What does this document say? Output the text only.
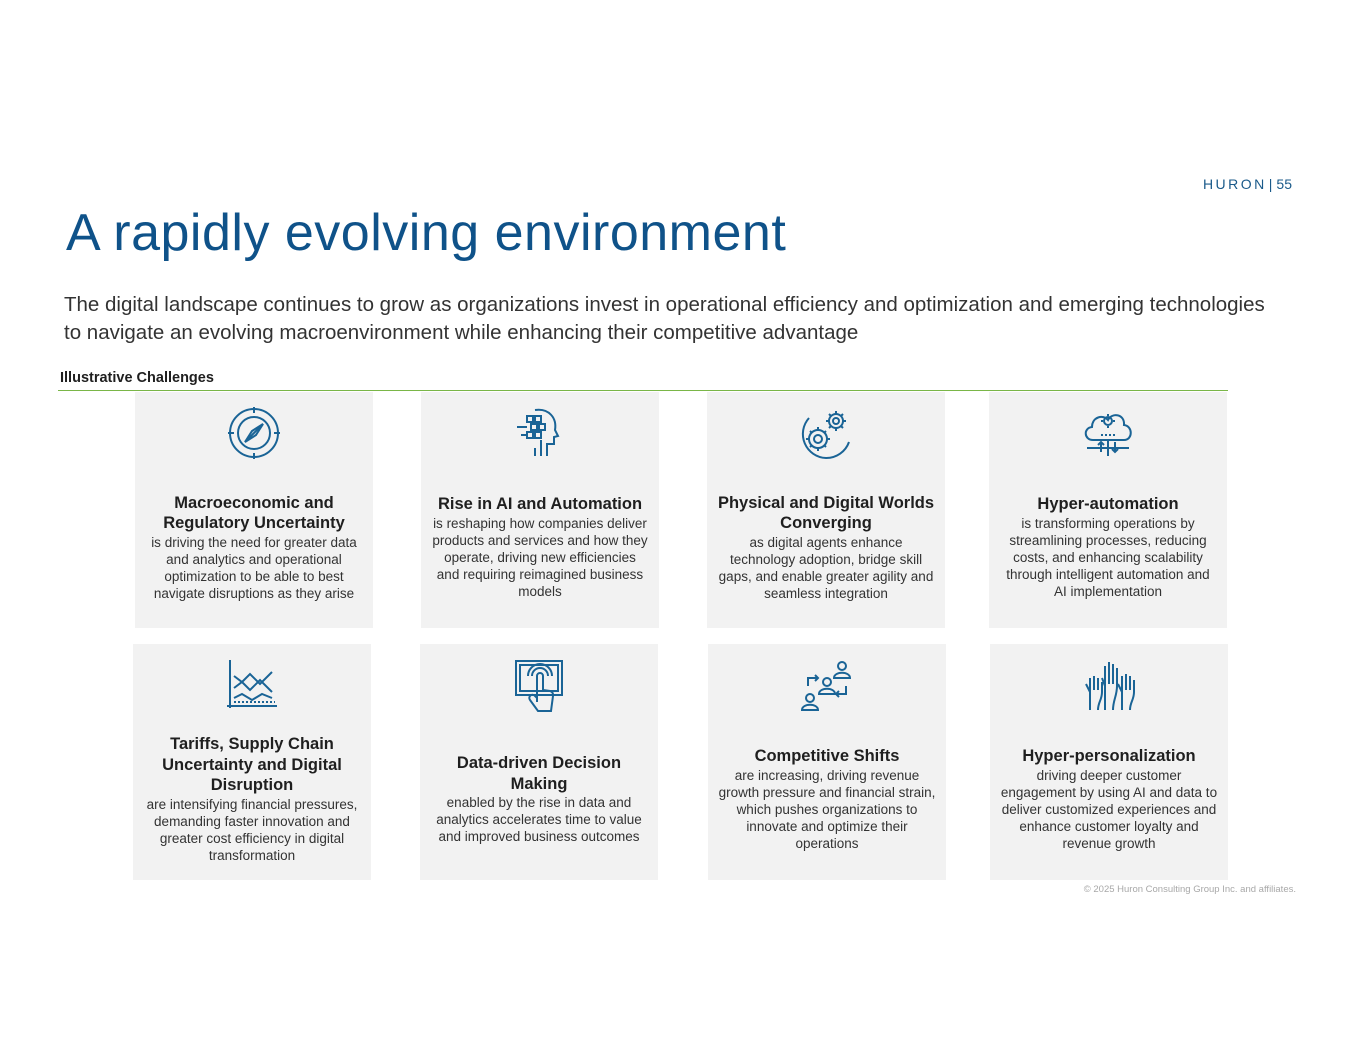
HURON | 55
A rapidly evolving environment

The digital landscape continues to grow as organizations invest in operational efficiency and optimization and emerging technologies to navigate an evolving macroenvironment while enhancing their competitive advantage

Illustrative Challenges
Macroeconomic and Regulatory Uncertainty
is driving the need for greater data and analytics and operational optimization to be able to best navigate disruptions as they arise
Rise in AI and Automation
is reshaping how companies deliver products and services and how they operate, driving new efficiencies and requiring reimagined business models
Physical and Digital Worlds Converging
as digital agents enhance technology adoption, bridge skill gaps, and enable greater agility and seamless integration
Hyper-automation
is transforming operations by streamlining processes, reducing costs, and enhancing scalability through intelligent automation and AI implementation
Tariffs, Supply Chain Uncertainty and Digital Disruption
are intensifying financial pressures, demanding faster innovation and greater cost efficiency in digital transformation
Data-driven Decision Making
enabled by the rise in data and analytics accelerates time to value and improved business outcomes
Competitive Shifts
are increasing, driving revenue growth pressure and financial strain, which pushes organizations to innovate and optimize their operations
Hyper-personalization
driving deeper customer engagement by using AI and data to deliver customized experiences and enhance customer loyalty and revenue growth
© 2025 Huron Consulting Group Inc. and affiliates.
